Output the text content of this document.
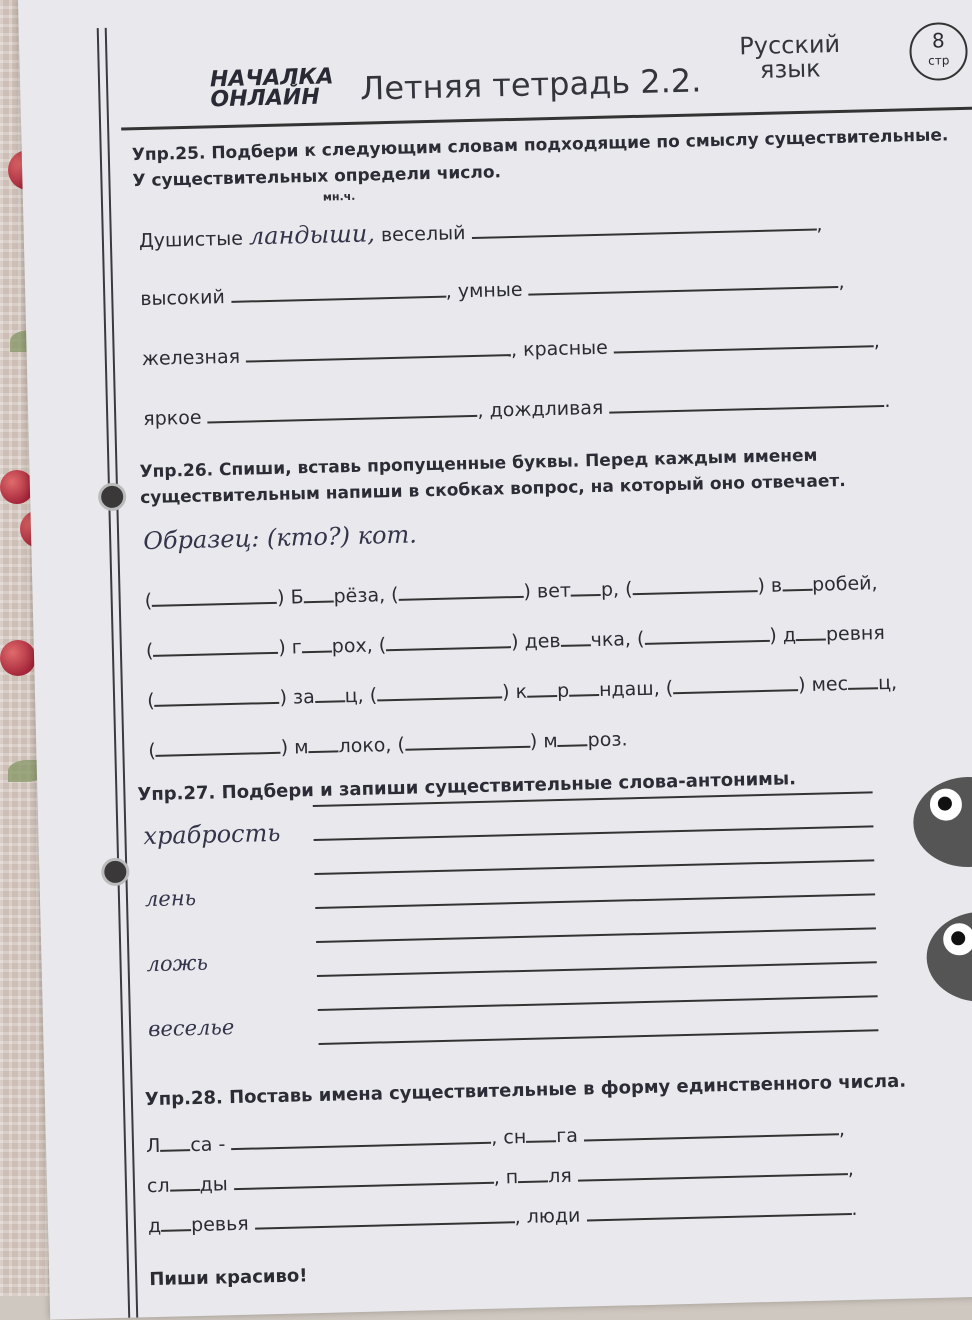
НАЧАЛКА
ОНЛАЙН	Летняя тетрадь 2.2.
Русский
язык
8
стр
Упр.25. Подбери к следующим словам подходящие по смыслу существительные. У существительных определи число.
мн.ч.
Душистые ландыши, веселый	,
высокий	, умные	,
железная	, красные	,
яркое	, дождливая	.
Упр.26. Спиши, вставь пропущенные буквы. Перед каждым именем существительным напиши в скобках вопрос, на который оно отвечает.
Образец: (кто?) кот.
(	) Б рёза, (	) вет р, (	) в робей,
(	) г рох, (	) дев чка, (	) д ревня
(	) за ц, (	) к р ндаш, (	) мес ц,
(	) м локо, (	) м роз.
Упр.27. Подбери и запиши существительные слова-антонимы.
храбрость
лень
ложь
веселье
Упр.28. Поставь имена существительные в форму единственного числа.
Л са -	, сн га	,
сл ды	, п ля	,
д ревья	, люди	.
Пиши красиво!
